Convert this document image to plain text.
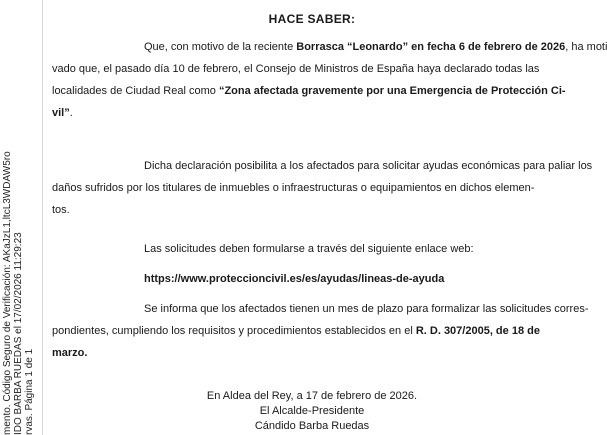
mento. Código Seguro de Verificación: AKaJzL1,ltcL3WDAW5ro IDO BARBA RUEDAS el 17/02/2026 11:29:23 rvas. Página 1 de 1
HACE SABER:
Que, con motivo de la reciente Borrasca “Leonardo” en fecha 6 de febrero de 2026, ha moti
vado que, el pasado día 10 de febrero, el Consejo de Ministros de España haya declarado todas las
localidades de Ciudad Real como “Zona afectada gravemente por una Emergencia de Protección Ci-
vil”.
Dicha declaración posibilita a los afectados para solicitar ayudas económicas para paliar los
daños sufridos por los titulares de inmuebles o infraestructuras o equipamientos en dichos elemen-
tos.
Las solicitudes deben formularse a través del siguiente enlace web:
https://www.proteccioncivil.es/es/ayudas/lineas-de-ayuda
Se informa que los afectados tienen un mes de plazo para formalizar las solicitudes corres-
pondientes, cumpliendo los requisitos y procedimientos establecidos en el R. D. 307/2005, de 18 de
marzo.
En Aldea del Rey, a 17 de febrero de 2026.
El Alcalde-Presidente
Cándido Barba Ruedas
